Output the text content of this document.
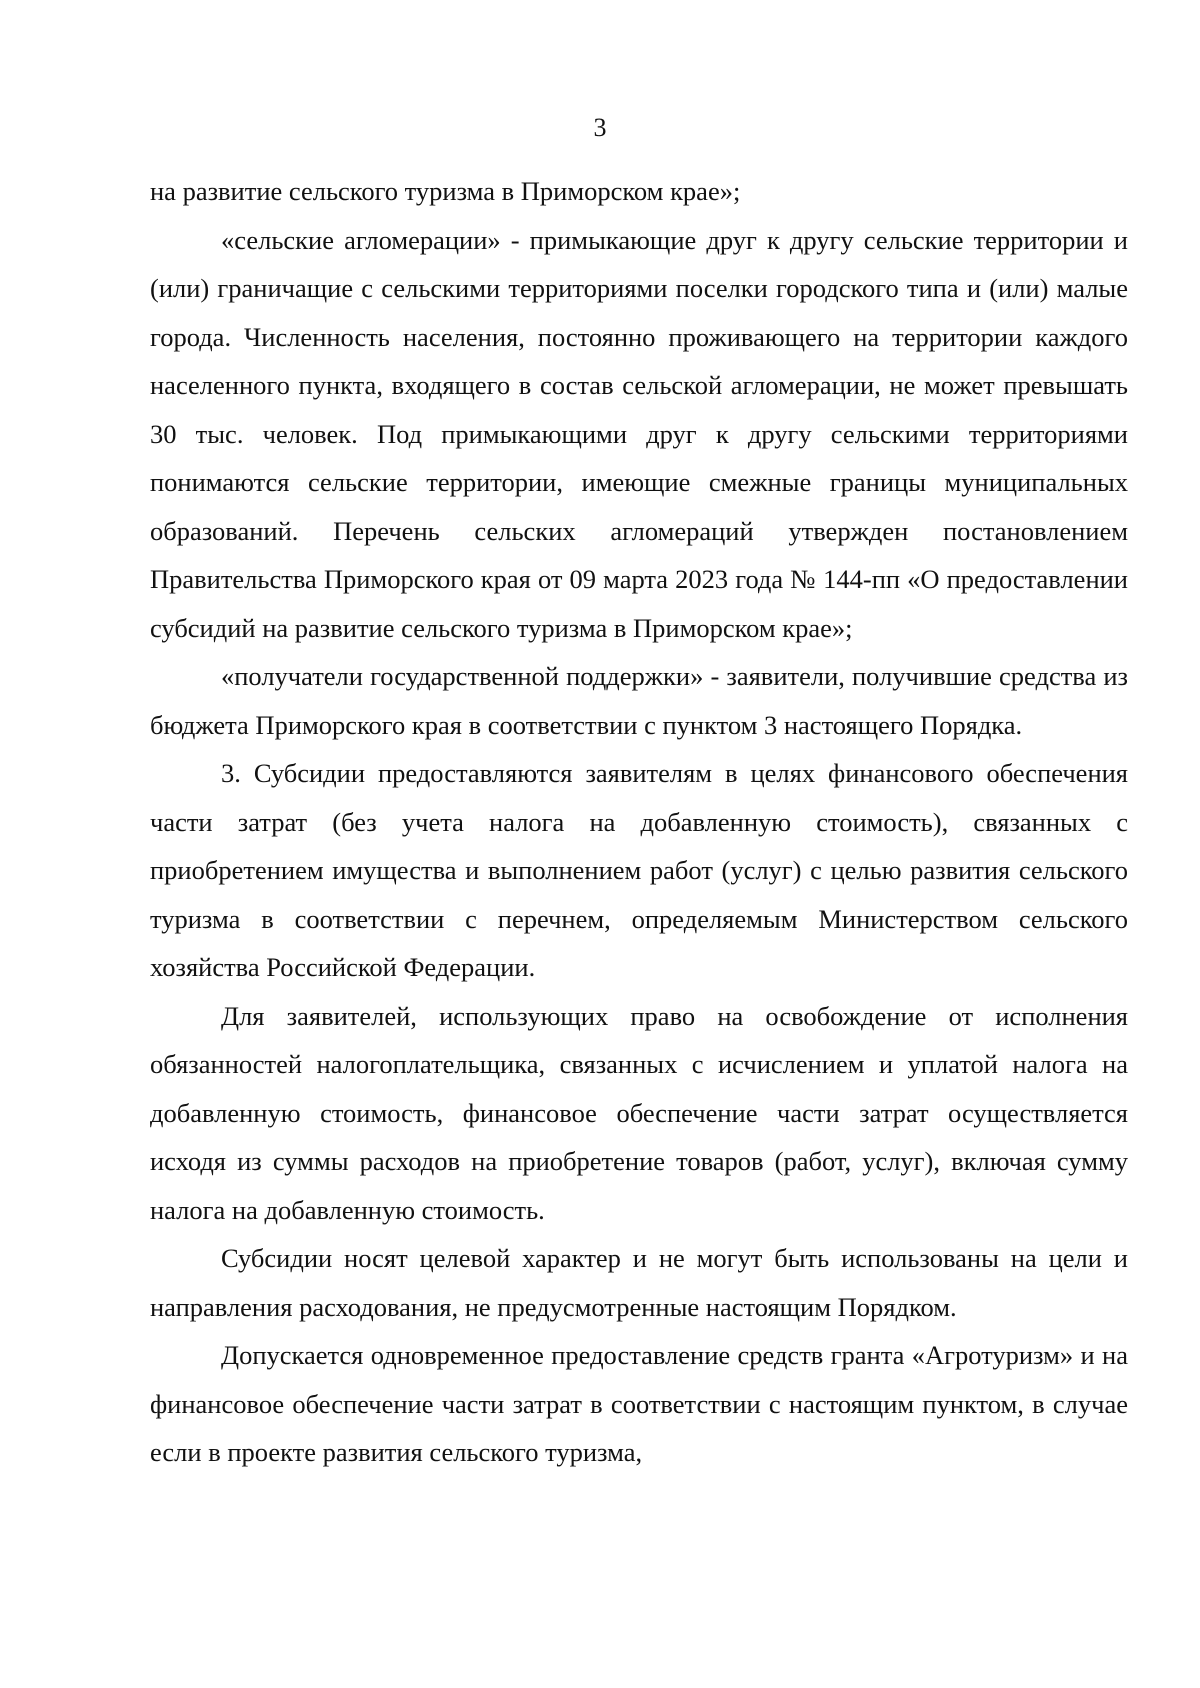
3

на развитие сельского туризма в Приморском крае»;

«сельские агломерации» - примыкающие друг к другу сельские территории и (или) граничащие с сельскими территориями поселки городского типа и (или) малые города. Численность населения, постоянно проживающего на территории каждого населенного пункта, входящего в состав сельской агломерации, не может превышать 30 тыс. человек. Под примыкающими друг к другу сельскими территориями понимаются сельские территории, имеющие смежные границы муниципальных образований. Перечень сельских агломераций утвержден постановлением Правительства Приморского края от 09 марта 2023 года № 144-пп «О предоставлении субсидий на развитие сельского туризма в Приморском крае»;

«получатели государственной поддержки» - заявители, получившие средства из бюджета Приморского края в соответствии с пунктом 3 настоящего Порядка.

3. Субсидии предоставляются заявителям в целях финансового обеспечения части затрат (без учета налога на добавленную стоимость), связанных с приобретением имущества и выполнением работ (услуг) с целью развития сельского туризма в соответствии с перечнем, определяемым Министерством сельского хозяйства Российской Федерации.

Для заявителей, использующих право на освобождение от исполнения обязанностей налогоплательщика, связанных с исчислением и уплатой налога на добавленную стоимость, финансовое обеспечение части затрат осуществляется исходя из суммы расходов на приобретение товаров (работ, услуг), включая сумму налога на добавленную стоимость.

Субсидии носят целевой характер и не могут быть использованы на цели и направления расходования, не предусмотренные настоящим Порядком.

Допускается одновременное предоставление средств гранта «Агротуризм» и на финансовое обеспечение части затрат в соответствии с настоящим пунктом, в случае если в проекте развития сельского туризма,
